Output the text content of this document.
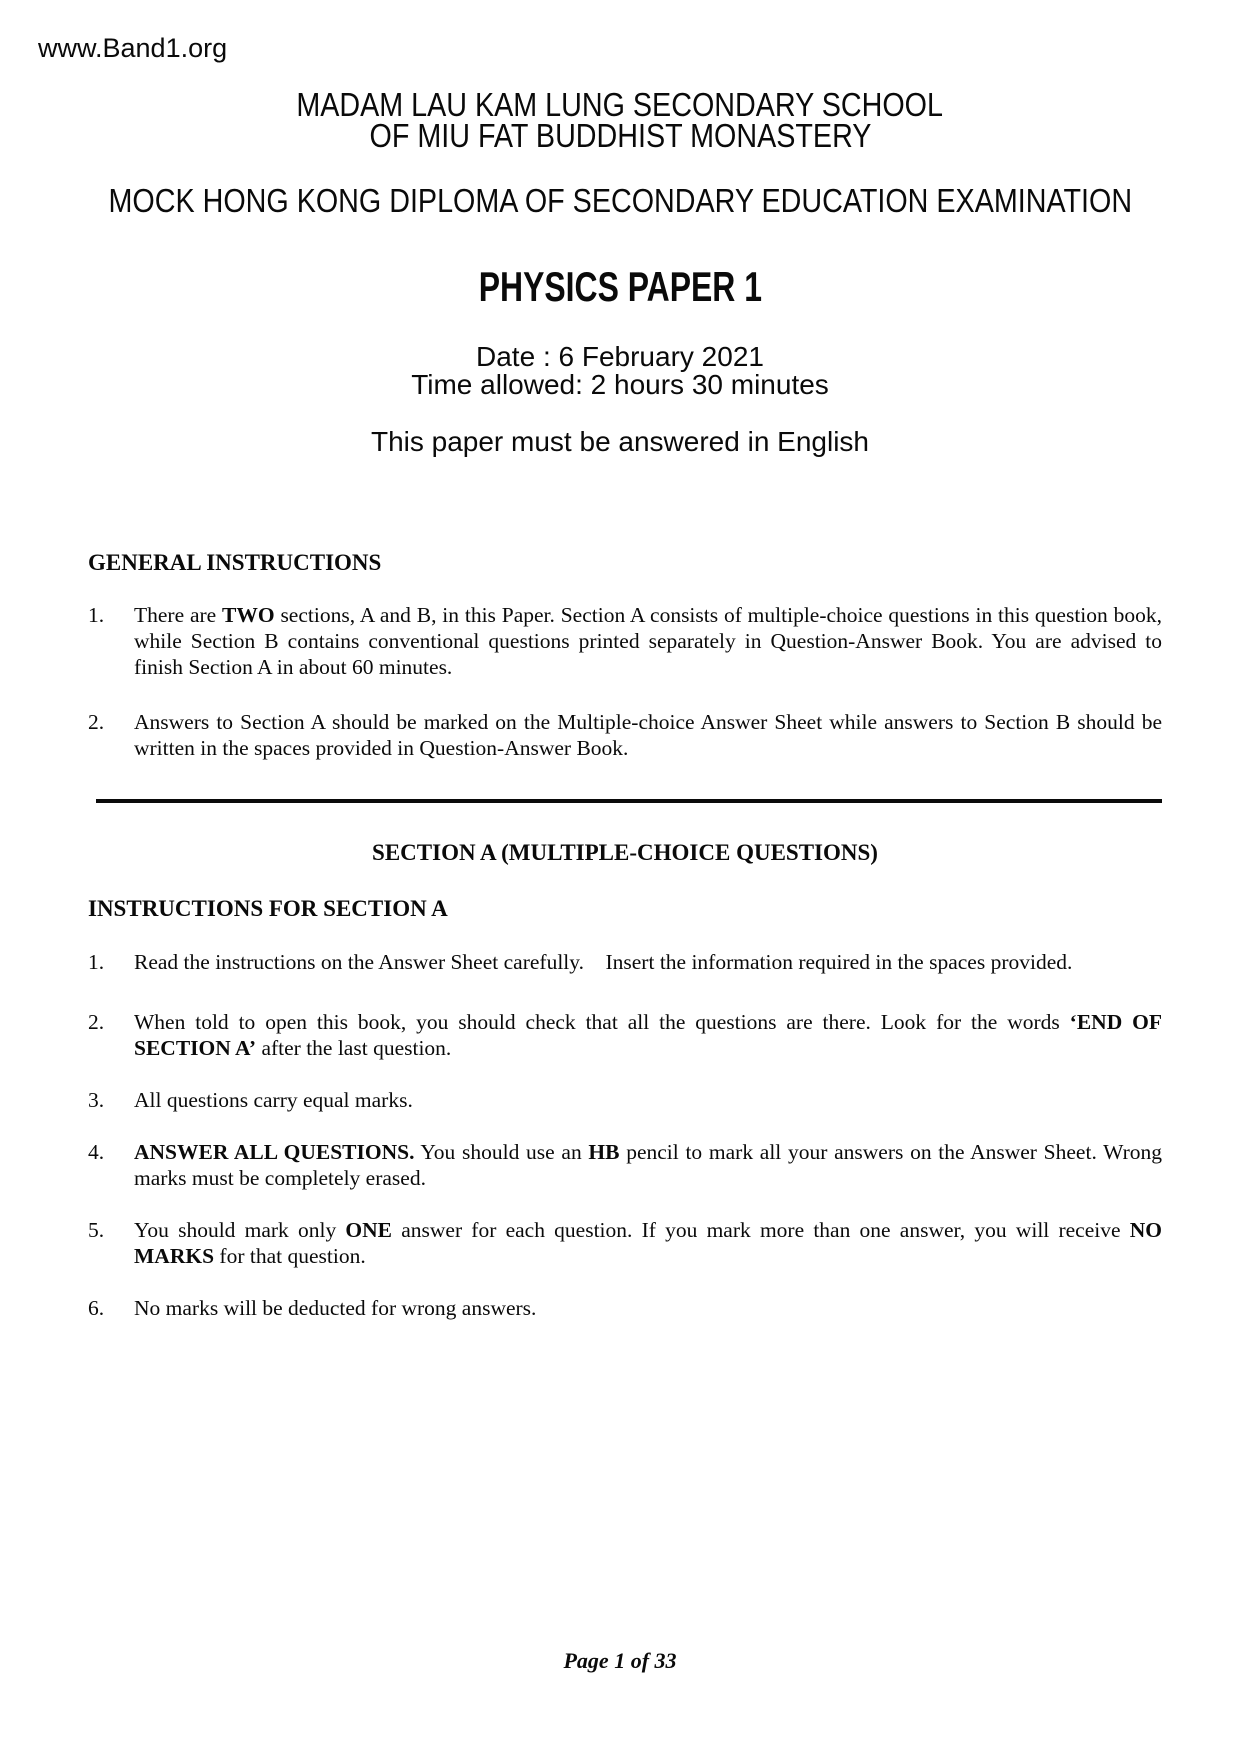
www.Band1.org
MADAM LAU KAM LUNG SECONDARY SCHOOL
OF MIU FAT BUDDHIST MONASTERY
MOCK HONG KONG DIPLOMA OF SECONDARY EDUCATION EXAMINATION
PHYSICS PAPER 1
Date : 6 February 2021
Time allowed: 2 hours 30 minutes
This paper must be answered in English
GENERAL INSTRUCTIONS
1.	There are TWO sections, A and B, in this Paper. Section A consists of multiple-choice questions in this question book, while Section B contains conventional questions printed separately in Question-Answer Book. You are advised to finish Section A in about 60 minutes.
2.	Answers to Section A should be marked on the Multiple-choice Answer Sheet while answers to Section B should be written in the spaces provided in Question-Answer Book.
SECTION A (MULTIPLE-CHOICE QUESTIONS)
INSTRUCTIONS FOR SECTION A
1.	Read the instructions on the Answer Sheet carefully. Insert the information required in the spaces provided.
2.	When told to open this book, you should check that all the questions are there. Look for the words ‘END OF SECTION A’ after the last question.
3.	All questions carry equal marks.
4.	ANSWER ALL QUESTIONS. You should use an HB pencil to mark all your answers on the Answer Sheet. Wrong marks must be completely erased.
5.	You should mark only ONE answer for each question. If you mark more than one answer, you will receive NO MARKS for that question.
6.	No marks will be deducted for wrong answers.
Page 1 of 33
